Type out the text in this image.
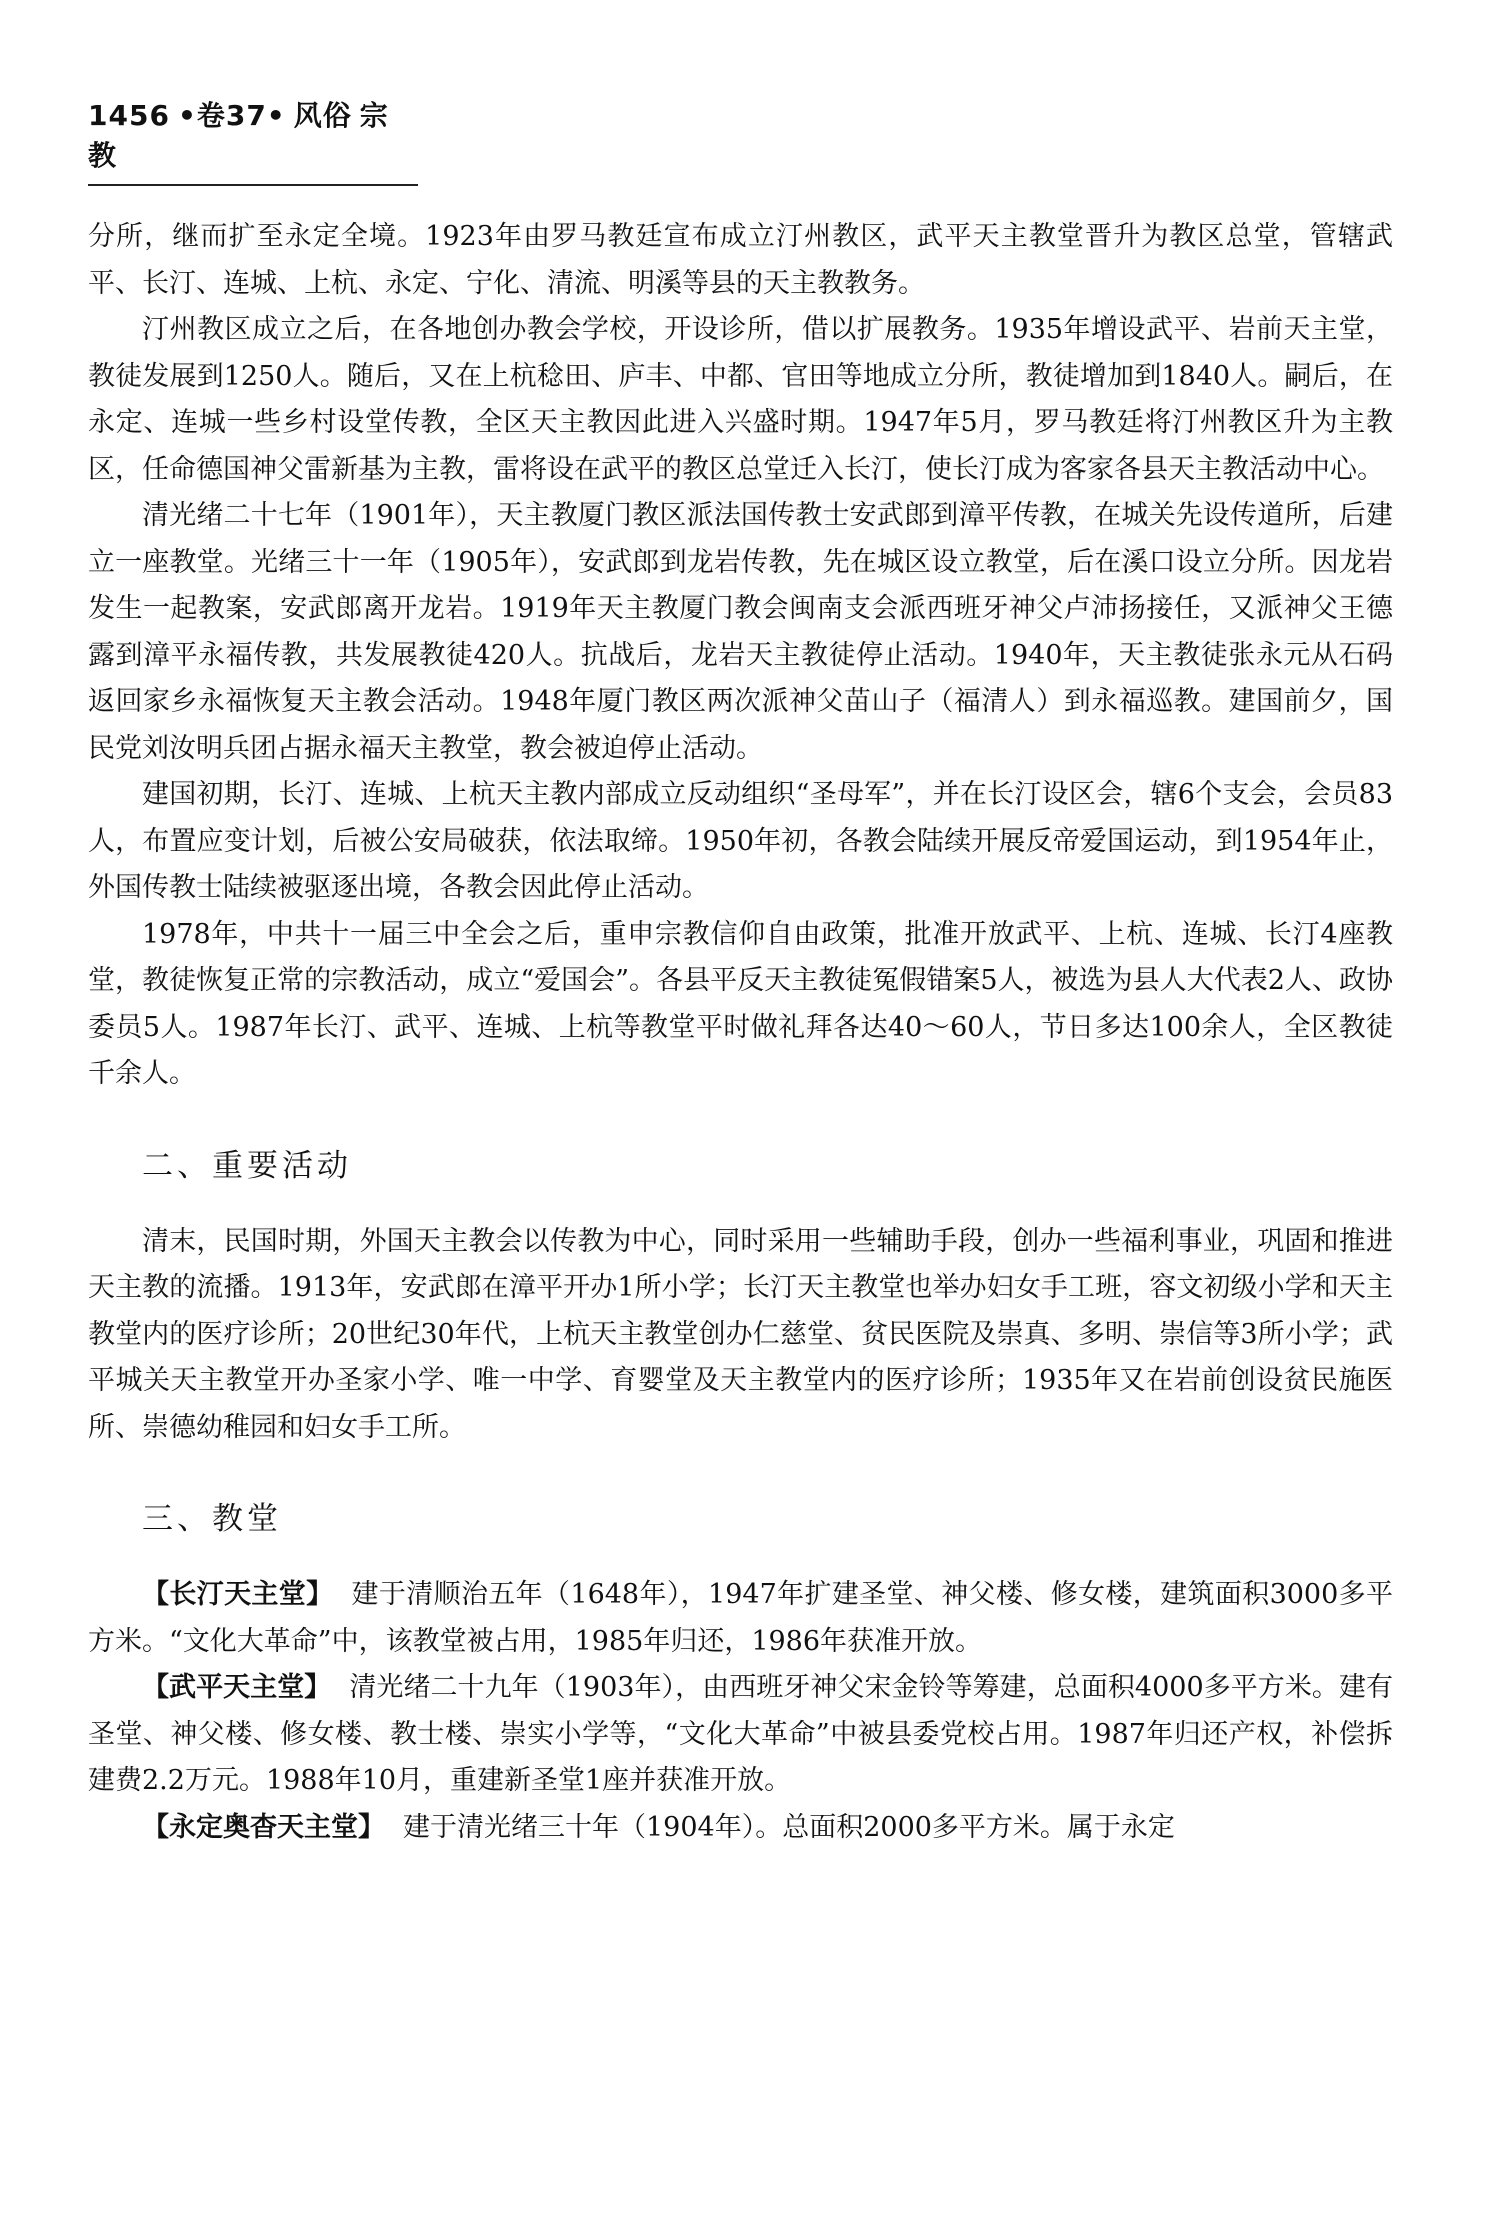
1456 •卷37• 风俗 宗教

分所，继而扩至永定全境。1923年由罗马教廷宣布成立汀州教区，武平天主教堂晋升为教区总堂，管辖武平、长汀、连城、上杭、永定、宁化、清流、明溪等县的天主教教务。

汀州教区成立之后，在各地创办教会学校，开设诊所，借以扩展教务。1935年增设武平、岩前天主堂，教徒发展到1250人。随后，又在上杭稔田、庐丰、中都、官田等地成立分所，教徒增加到1840人。嗣后，在永定、连城一些乡村设堂传教，全区天主教因此进入兴盛时期。1947年5月，罗马教廷将汀州教区升为主教区，任命德国神父雷新基为主教，雷将设在武平的教区总堂迁入长汀，使长汀成为客家各县天主教活动中心。

清光绪二十七年（1901年），天主教厦门教区派法国传教士安武郎到漳平传教，在城关先设传道所，后建立一座教堂。光绪三十一年（1905年），安武郎到龙岩传教，先在城区设立教堂，后在溪口设立分所。因龙岩发生一起教案，安武郎离开龙岩。1919年天主教厦门教会闽南支会派西班牙神父卢沛扬接任，又派神父王德露到漳平永福传教，共发展教徒420人。抗战后，龙岩天主教徒停止活动。1940年，天主教徒张永元从石码返回家乡永福恢复天主教会活动。1948年厦门教区两次派神父苗山子（福清人）到永福巡教。建国前夕，国民党刘汝明兵团占据永福天主教堂，教会被迫停止活动。

建国初期，长汀、连城、上杭天主教内部成立反动组织“圣母军”，并在长汀设区会，辖6个支会，会员83人，布置应变计划，后被公安局破获，依法取缔。1950年初，各教会陆续开展反帝爱国运动，到1954年止，外国传教士陆续被驱逐出境，各教会因此停止活动。

1978年，中共十一届三中全会之后，重申宗教信仰自由政策，批准开放武平、上杭、连城、长汀4座教堂，教徒恢复正常的宗教活动，成立“爱国会”。各县平反天主教徒冤假错案5人，被选为县人大代表2人、政协委员5人。1987年长汀、武平、连城、上杭等教堂平时做礼拜各达40～60人，节日多达100余人，全区教徒千余人。

二、重要活动

清末，民国时期，外国天主教会以传教为中心，同时采用一些辅助手段，创办一些福利事业，巩固和推进天主教的流播。1913年，安武郎在漳平开办1所小学；长汀天主教堂也举办妇女手工班，容文初级小学和天主教堂内的医疗诊所；20世纪30年代，上杭天主教堂创办仁慈堂、贫民医院及崇真、多明、崇信等3所小学；武平城关天主教堂开办圣家小学、唯一中学、育婴堂及天主教堂内的医疗诊所；1935年又在岩前创设贫民施医所、崇德幼稚园和妇女手工所。

三、教堂

【长汀天主堂】 建于清顺治五年（1648年），1947年扩建圣堂、神父楼、修女楼，建筑面积3000多平方米。“文化大革命”中，该教堂被占用，1985年归还，1986年获准开放。

【武平天主堂】 清光绪二十九年（1903年），由西班牙神父宋金铃等筹建，总面积4000多平方米。建有圣堂、神父楼、修女楼、教士楼、崇实小学等，“文化大革命”中被县委党校占用。1987年归还产权，补偿拆建费2.2万元。1988年10月，重建新圣堂1座并获准开放。

【永定奥杳天主堂】 建于清光绪三十年（1904年）。总面积2000多平方米。属于永定
